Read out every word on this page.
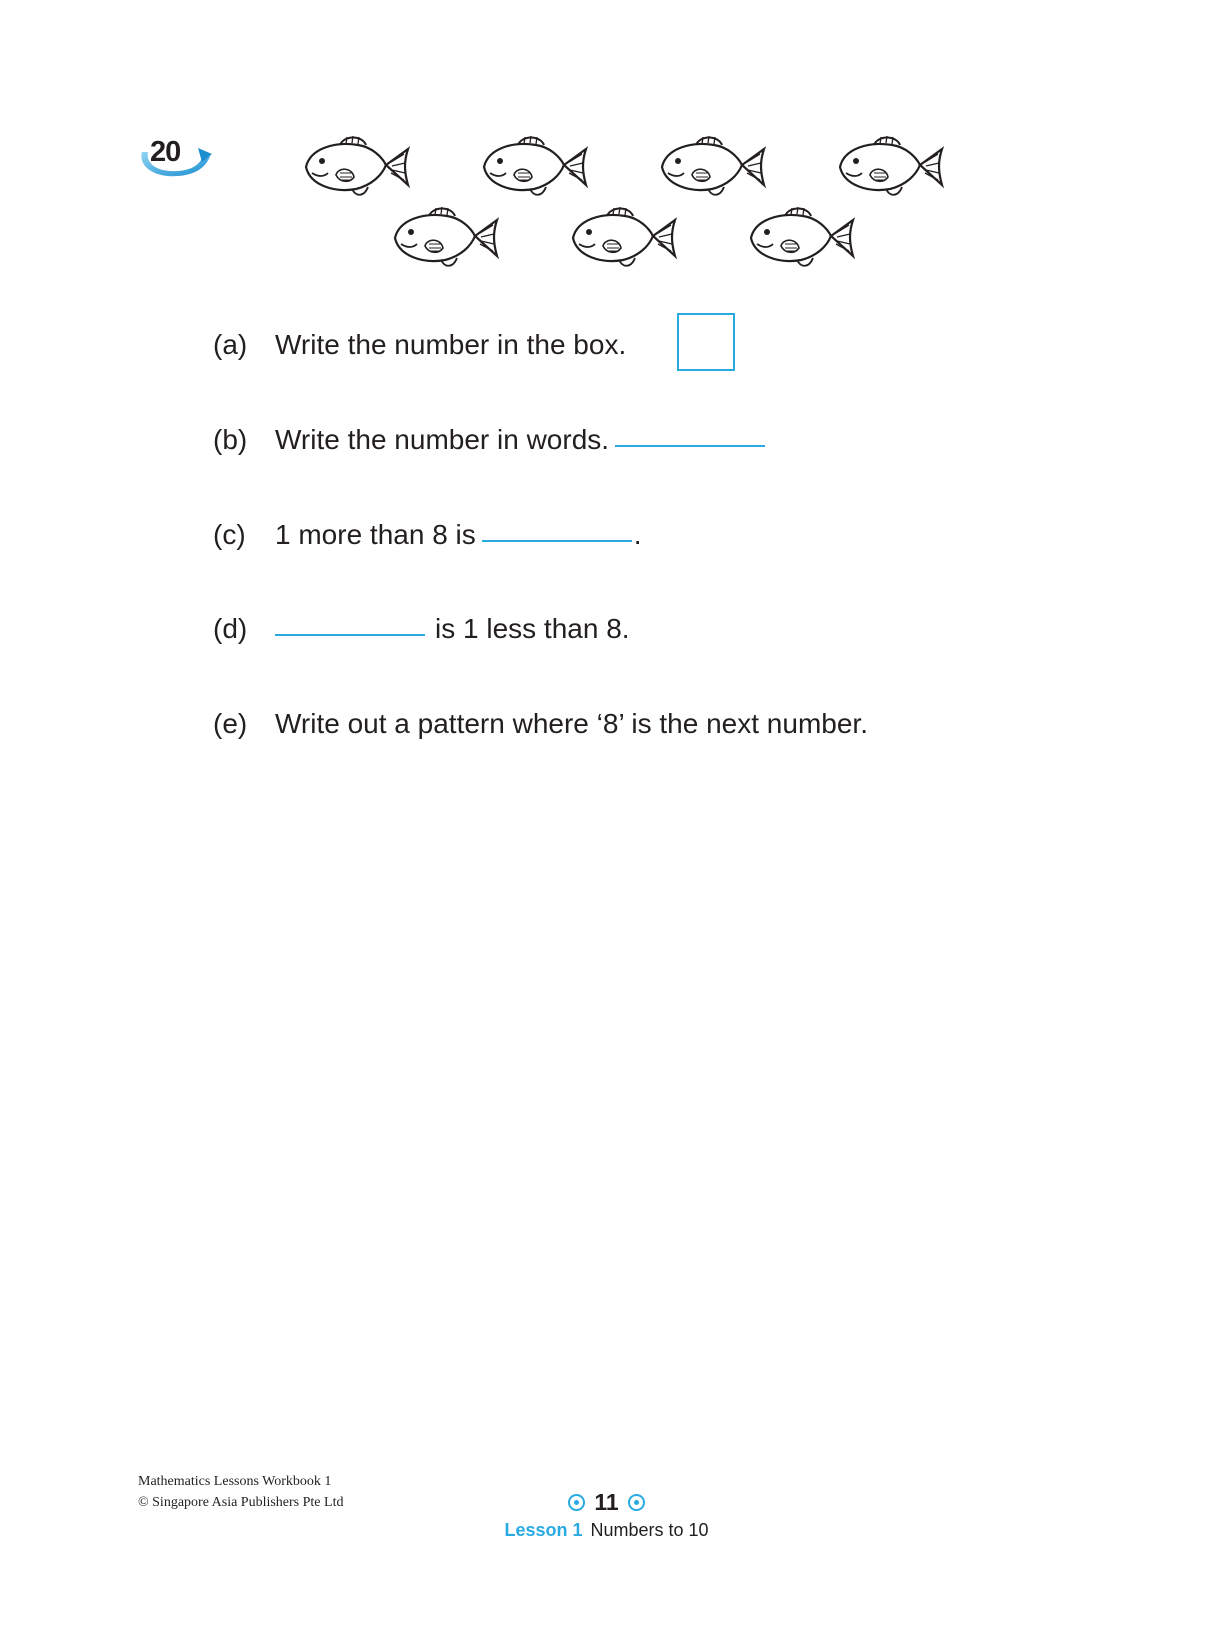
20
(a) Write the number in the box.
(b) Write the number in words.
(c) 1 more than 8 is	.
(d)	is 1 less than 8.
(e) Write out a pattern where ‘8’ is the next number.
Mathematics Lessons Workbook 1
© Singapore Asia Publishers Pte Ltd	11
Lesson 1 Numbers to 10
